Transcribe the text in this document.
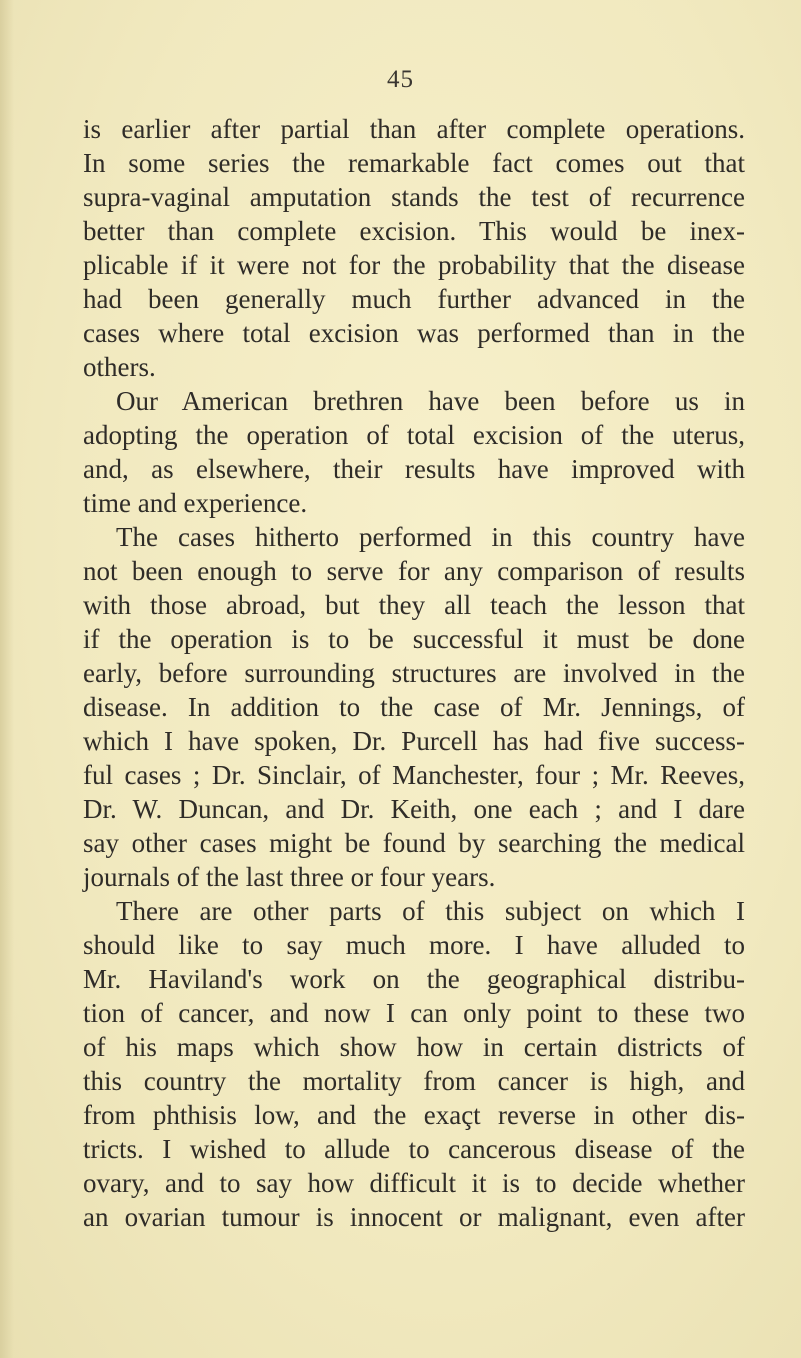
45
is earlier after partial than after complete operations.
In some series the remarkable fact comes out that
supra-vaginal amputation stands the test of recurrence
better than complete excision. This would be inex-
plicable if it were not for the probability that the disease
had been generally much further advanced in the
cases where total excision was performed than in the
others.
Our American brethren have been before us in
adopting the operation of total excision of the uterus,
and, as elsewhere, their results have improved with
time and experience.
The cases hitherto performed in this country have
not been enough to serve for any comparison of results
with those abroad, but they all teach the lesson that
if the operation is to be successful it must be done
early, before surrounding structures are involved in the
disease. In addition to the case of Mr. Jennings, of
which I have spoken, Dr. Purcell has had five success-
ful cases ; Dr. Sinclair, of Manchester, four ; Mr. Reeves,
Dr. W. Duncan, and Dr. Keith, one each ; and I dare
say other cases might be found by searching the medical
journals of the last three or four years.
There are other parts of this subject on which I
should like to say much more. I have alluded to
Mr. Haviland's work on the geographical distribu-
tion of cancer, and now I can only point to these two
of his maps which show how in certain districts of
this country the mortality from cancer is high, and
from phthisis low, and the exaçt reverse in other dis-
tricts. I wished to allude to cancerous disease of the
ovary, and to say how difficult it is to decide whether
an ovarian tumour is innocent or malignant, even after
